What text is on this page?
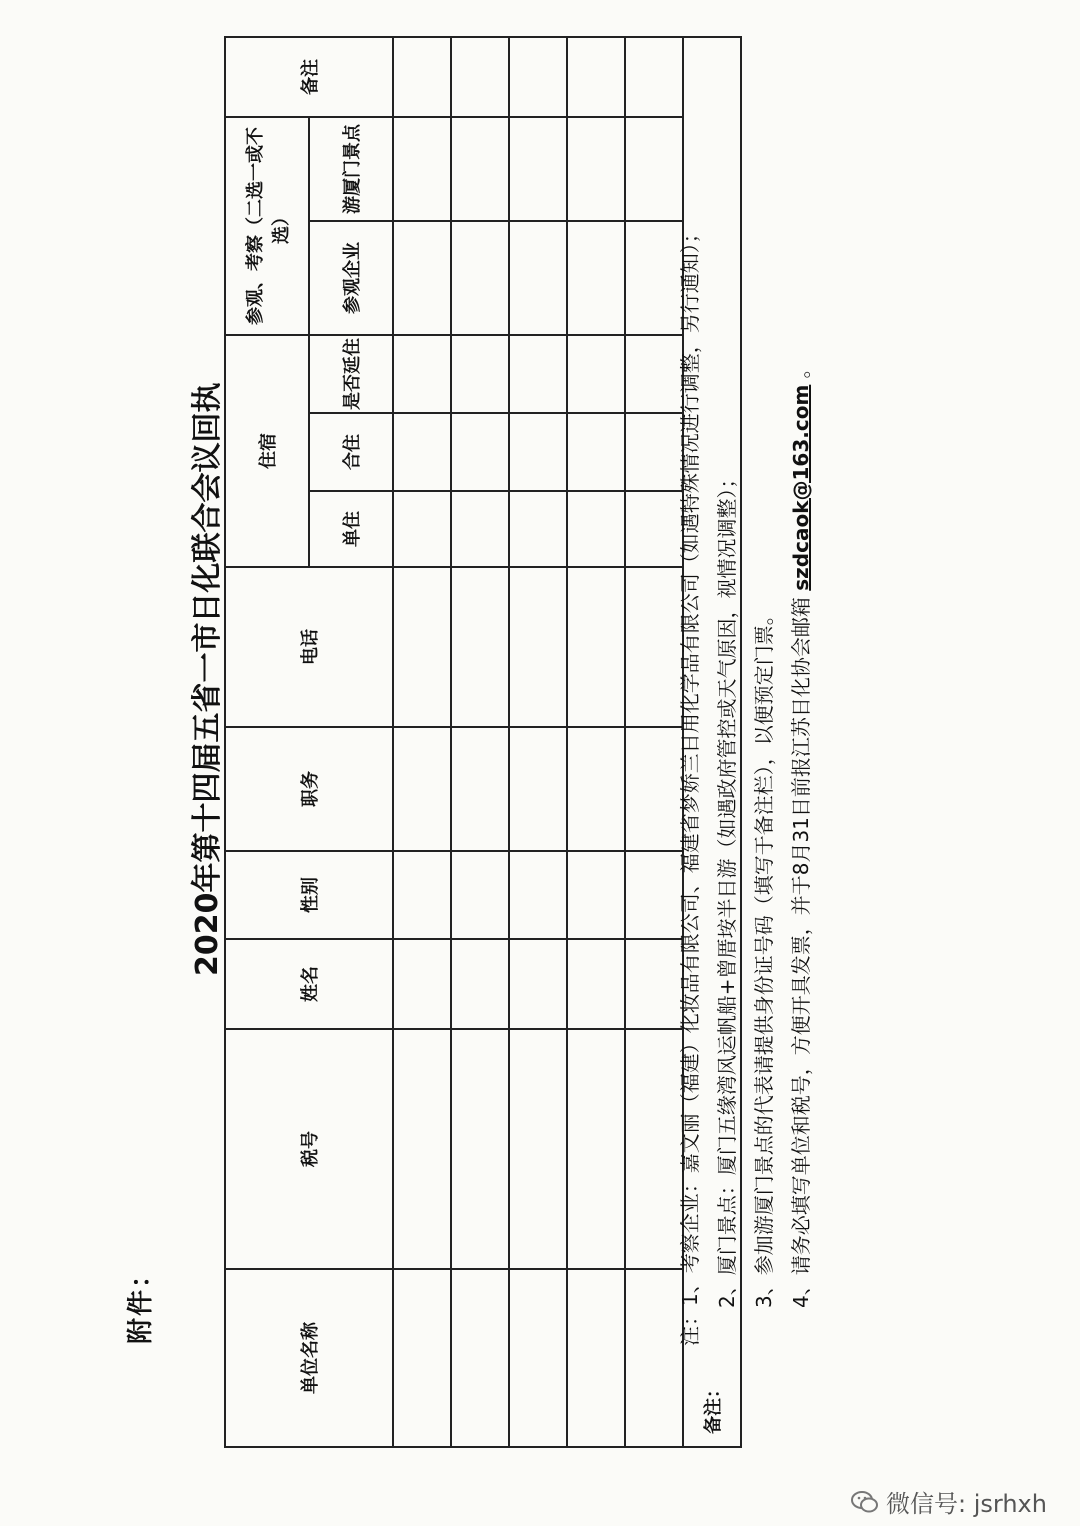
附件：
2020年第十四届五省一市日化联合会议回执
单位名称	税号	姓名	性别	职务	电话	住宿			参观、考察（二选一或不选）		备注
						单住	合住	是否延住	参观企业	游厦门景点	

备注：											

注：1、考察企业：嘉文丽（福建）化妆品有限公司、福建省梦娇兰日用化学品有限公司（如遇特殊情况进行调整，另行通知）； 2、厦门景点：厦门五缘湾风运帆船+曾厝垵半日游（如遇政府管控或天气原因，视情况调整）； 3、参加游厦门景点的代表请提供身份证号码（填写于备注栏），以便预定门票。 4、请务必填写单位和税号，方便开具发票，并于8月31日前报江苏日化协会邮箱 szdcaok@163.com 。

微信号: jsrhxh
